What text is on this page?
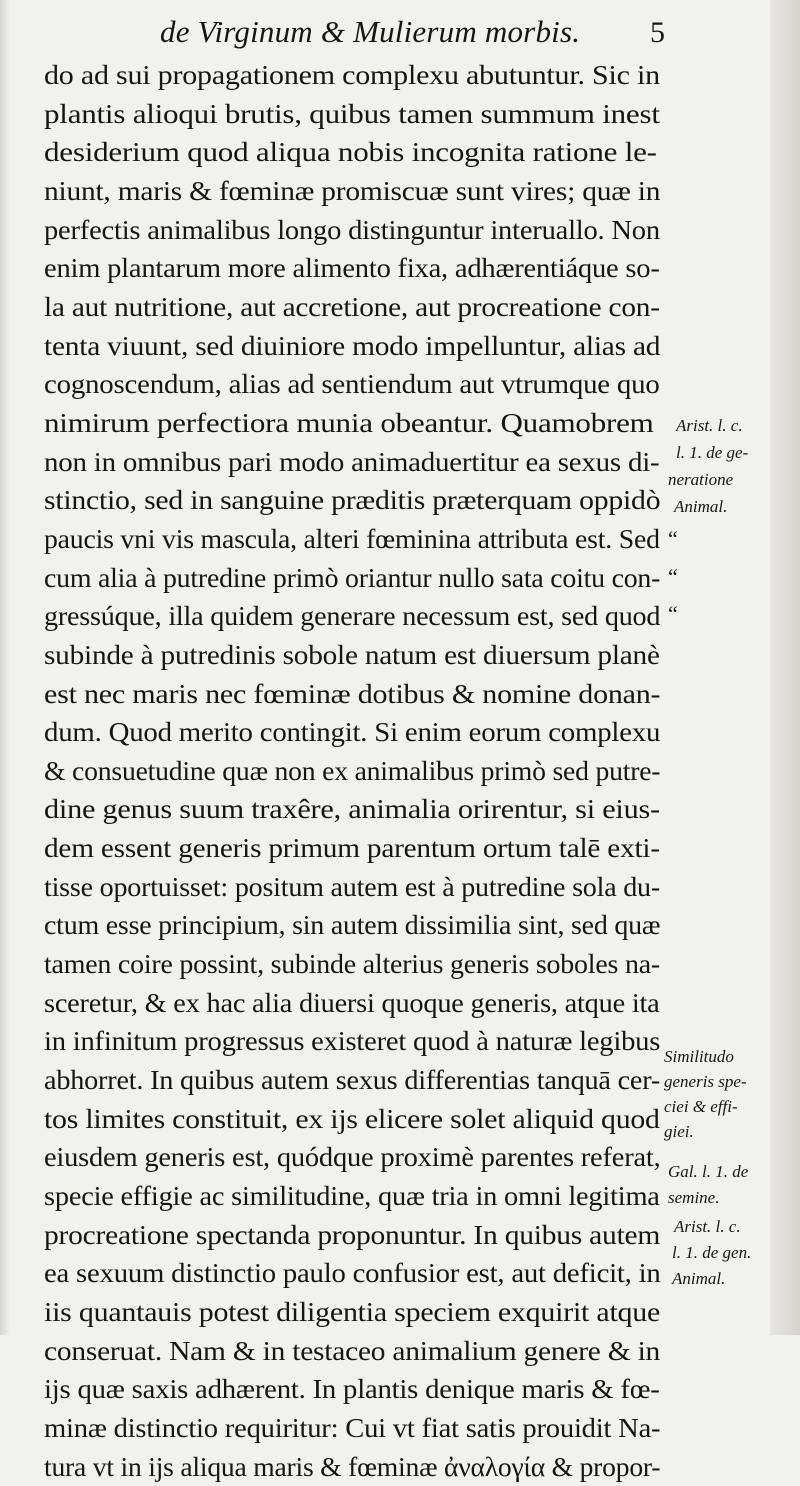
de Virginum & Mulierum morbis. 5
do ad sui propagationem complexu abutuntur. Sic in
plantis alioqui brutis, quibus tamen summum inest
desiderium quod aliqua nobis incognita ratione le-
niunt, maris & fœminæ promiscuæ sunt vires; quæ in
perfectis animalibus longo distinguntur interuallo. Non
enim plantarum more alimento fixa, adhærentiáque so-
la aut nutritione, aut accretione, aut procreatione con-
tenta viuunt, sed diuiniore modo impelluntur, alias ad
cognoscendum, alias ad sentiendum aut vtrumque quo
nimirum perfectiora munia obeantur. Quamobrem
non in omnibus pari modo animaduertitur ea sexus di-
stinctio, sed in sanguine præditis præterquam oppidò
paucis vni vis mascula, alteri fœminina attributa est. Sed
cum alia à putredine primò oriantur nullo sata coitu con-
gressúque, illa quidem generare necessum est, sed quod
subinde à putredinis sobole natum est diuersum planè
est nec maris nec fœminæ dotibus & nomine donan-
dum. Quod merito contingit. Si enim eorum complexu
& consuetudine quæ non ex animalibus primò sed putre-
dine genus suum traxêre, animalia orirentur, si eius-
dem essent generis primum parentum ortum talē exti-
tisse oportuisset: positum autem est à putredine sola du-
ctum esse principium, sin autem dissimilia sint, sed quæ
tamen coire possint, subinde alterius generis soboles na-
sceretur, & ex hac alia diuersi quoque generis, atque ita
in infinitum progressus existeret quod à naturæ legibus
abhorret. In quibus autem sexus differentias tanquā cer-
tos limites constituit, ex ijs elicere solet aliquid quod
eiusdem generis est, quódque proximè parentes referat,
specie effigie ac similitudine, quæ tria in omni legitima
procreatione spectanda proponuntur. In quibus autem
ea sexuum distinctio paulo confusior est, aut deficit, in
iis quantauis potest diligentia speciem exquirit atque
conseruat. Nam & in testaceo animalium genere & in
ijs quæ saxis adhærent. In plantis denique maris & fœ-
minæ distinctio requiritur: Cui vt fiat satis prouidit Na-
tura vt in ijs aliqua maris & fœminæ ἀναλογία & propor-
Arist. l. c.
l. 1. de ge-
neratione
Animal.
“
“
“
Similitudo
generis spe-
ciei & effi-
giei.
Gal. l. 1. de
semine.
Arist. l. c.
l. 1. de gen.
Animal.
